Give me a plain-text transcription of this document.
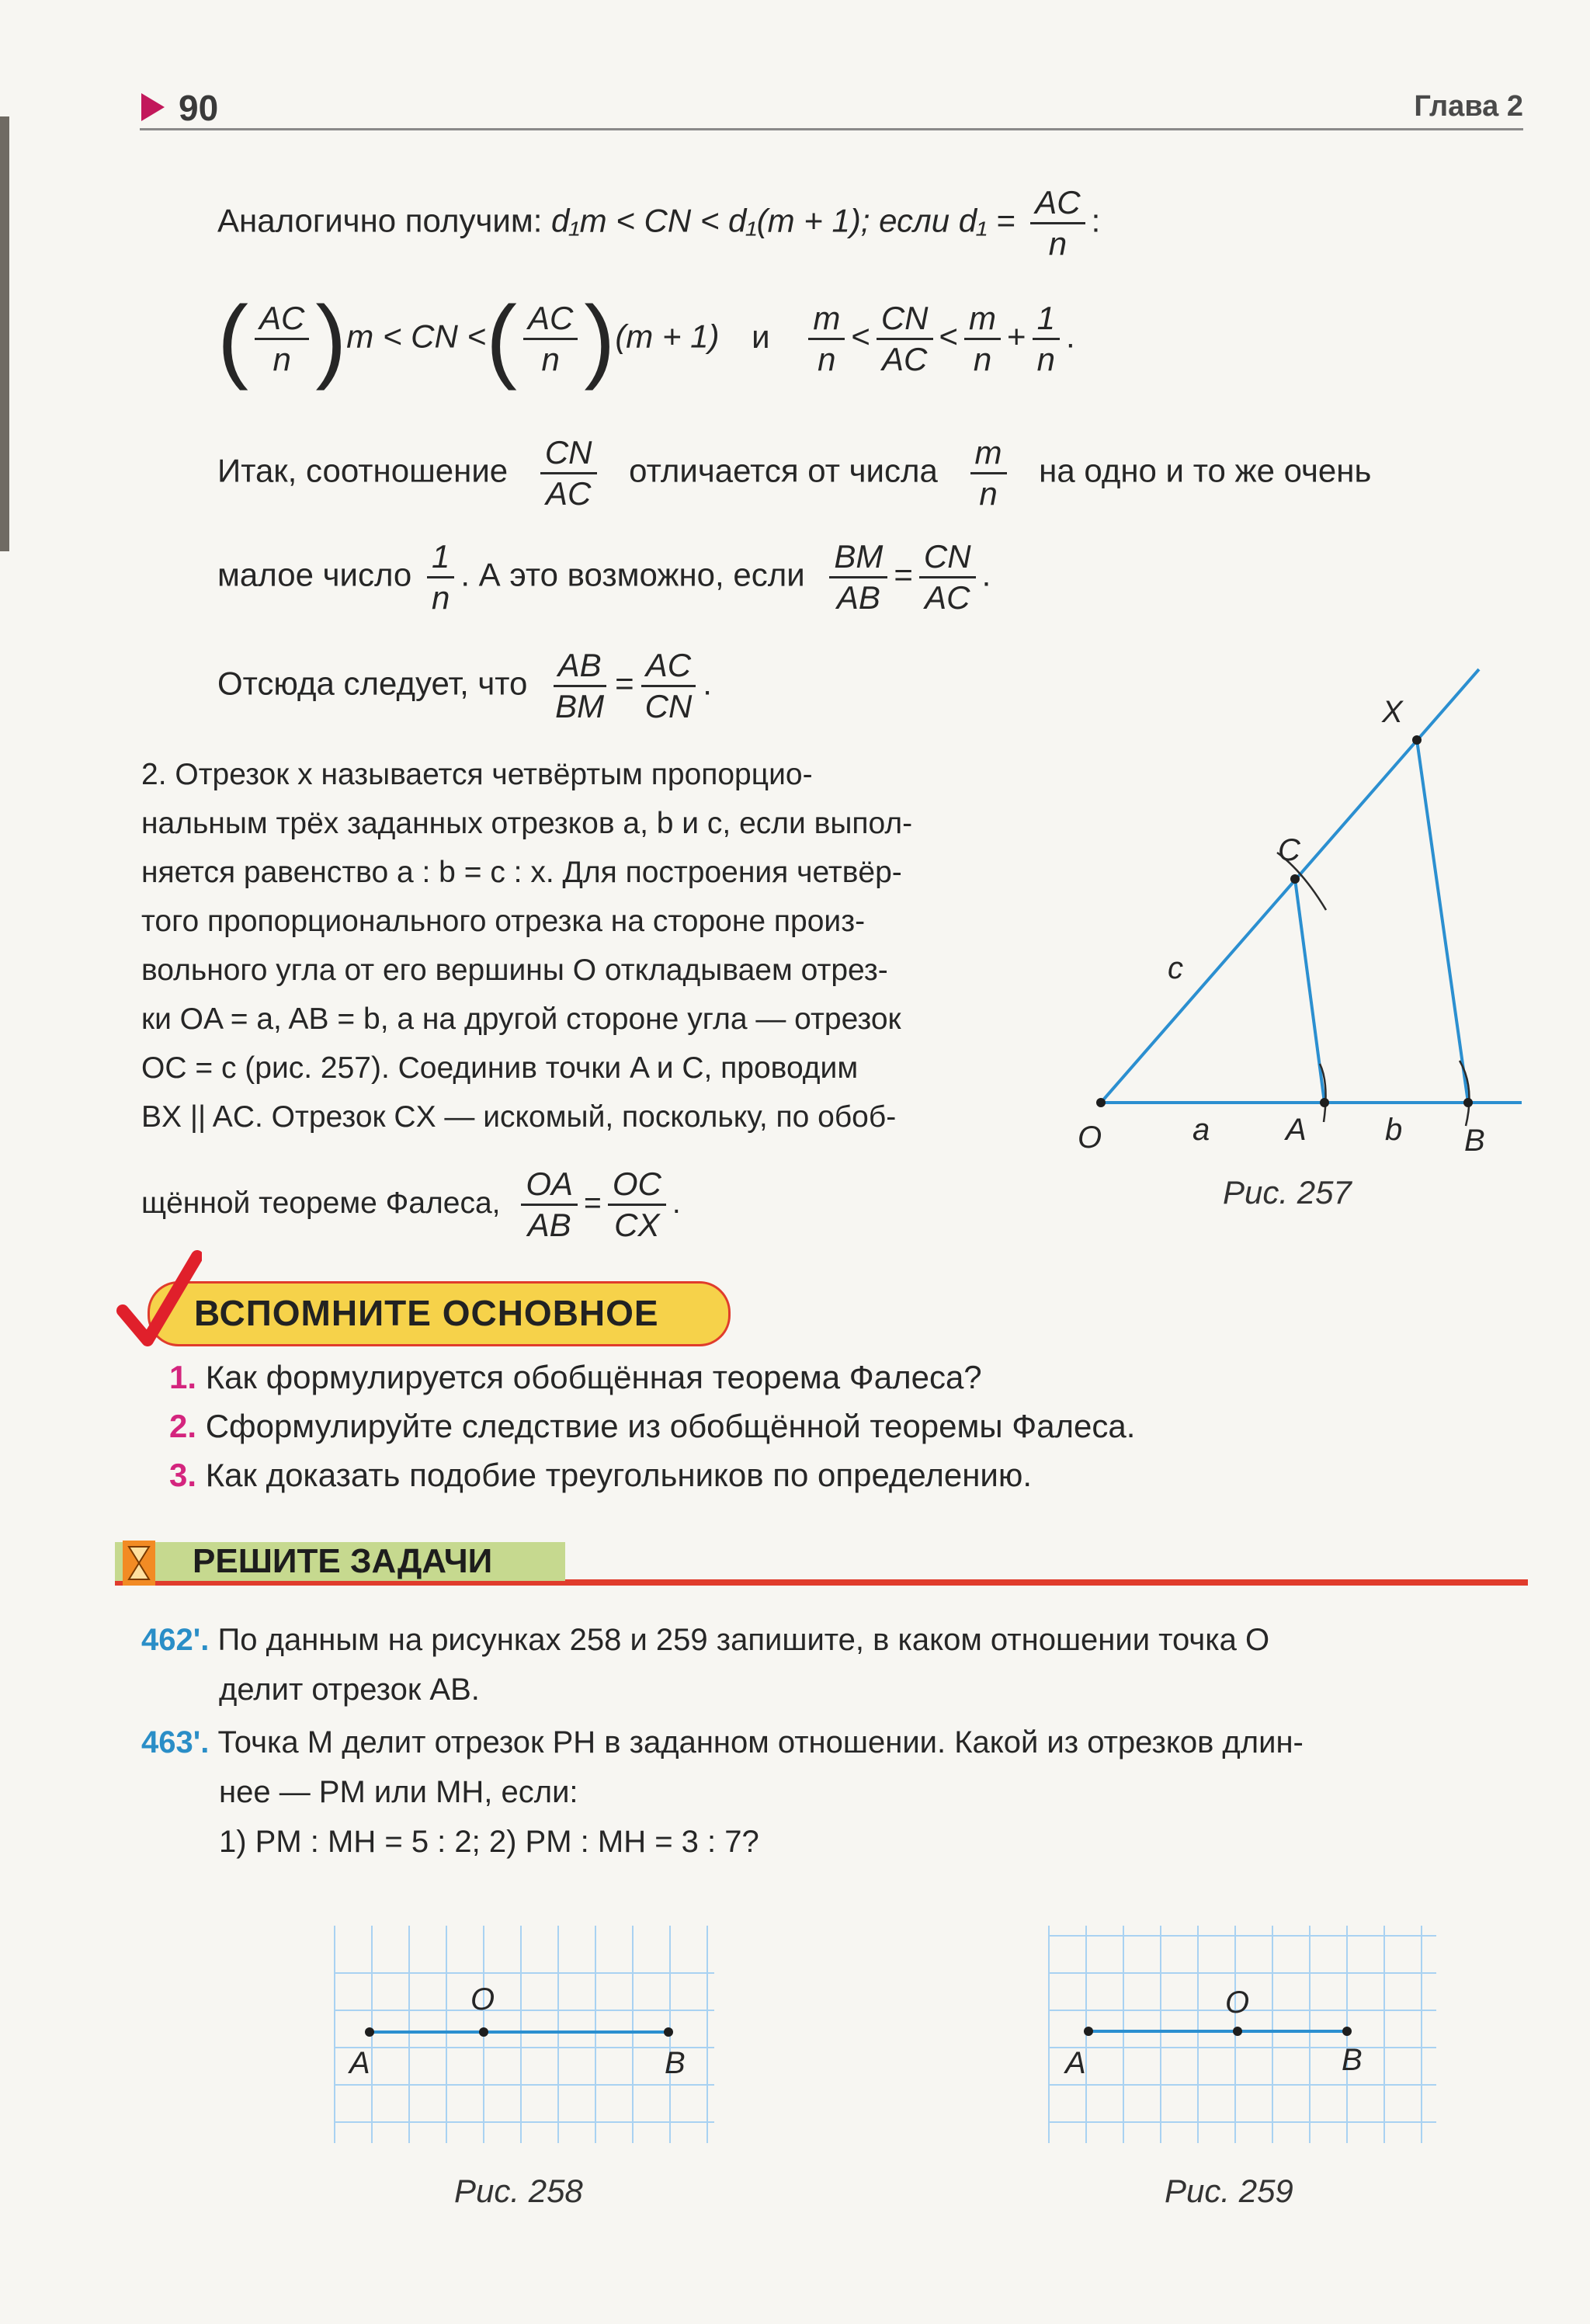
90	Глава 2
Аналогично получим: d₁m < CN < d₁(m + 1); если $d_1 = \frac{AC}{n}$ :
( $\frac{AC}{n} )m$ < CN <( $\frac{AC}{n} )(m + 1)$ и $\frac{m}{n} < \frac{CN}{AC} < \frac{m}{n} + \frac{1}{n}$ .
Итак, соотношение $\frac{CN}{AC}$ отличается от числа $\frac{m}{n}$ на одно и то же очень
малое число $\frac{1}{n}$ . А это возможно, если $\frac{BM}{AB} = \frac{CN}{AC}$ .
Отсюда следует, что $\frac{AB}{BM} = \frac{AC}{CN}$ .
2. Отрезок x называется четвёртым пропорцио-
нальным трёх заданных отрезков a, b и c, если выпол-
няется равенство a : b = c : x. Для построения четвёр-
того пропорционального отрезка на стороне произ-
вольного угла от его вершины O откладываем отрез-
ки OA = a, AB = b, а на другой стороне угла — отрезок
OC = c (рис. 257). Соединив точки A и C, проводим
BX || AC. Отрезок CX — искомый, поскольку, по обоб-
щённой теореме Фалеса, $\frac{OA}{AB} = \frac{OC}{CX}$ .
X
C
c
O	a A	b B
Рис. 257
ВСПОМНИТЕ ОСНОВНОЕ
1. Как формулируется обобщённая теорема Фалеса?
2. Сформулируйте следствие из обобщённой теоремы Фалеса.
3. Как доказать подобие треугольников по определению.
РЕШИТЕ ЗАДАЧИ
462'. По данным на рисунках 258 и 259 запишите, в каком отношении точка O
делит отрезок AB.
463'. Точка M делит отрезок PH в заданном отношении. Какой из отрезков длин-
нее — PM или MH, если:
1) PM : MH = 5 : 2; 2) PM : MH = 3 : 7?
A
O
B
Рис. 258
A
O
B
Рис. 259
